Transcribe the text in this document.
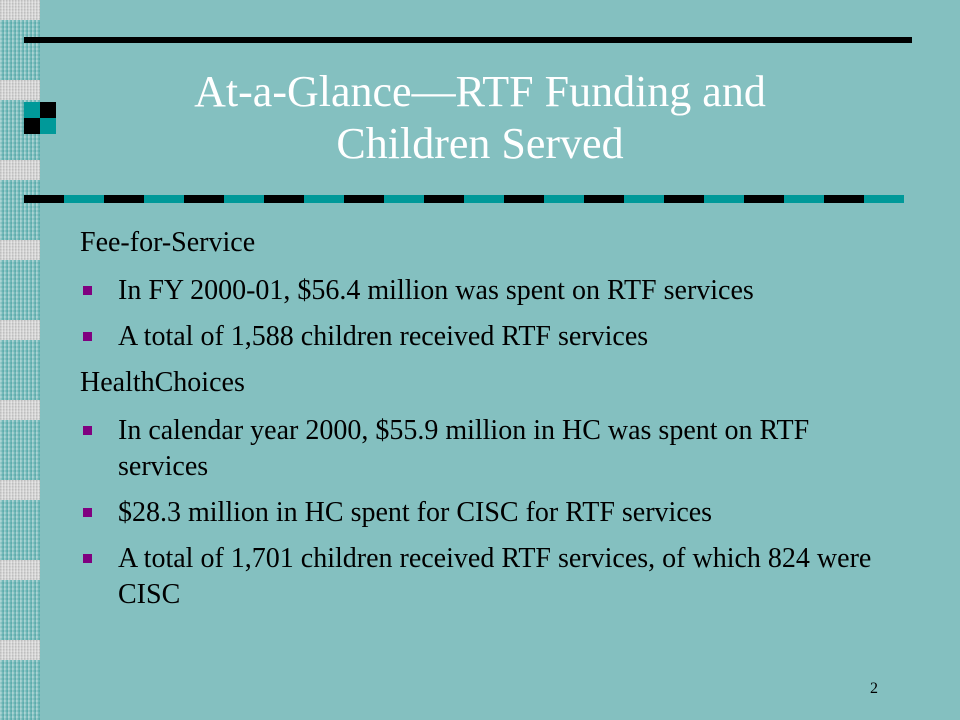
At-a-Glance—RTF Funding and
Children Served

Fee-for-Service

In FY 2000-01, $56.4 million was spent on RTF services
A total of 1,588 children received RTF services

HealthChoices

In calendar year 2000, $55.9 million in HC was spent on RTF services
$28.3 million in HC spent for CISC for RTF services
A total of 1,701 children received RTF services, of which 824 were CISC
2
